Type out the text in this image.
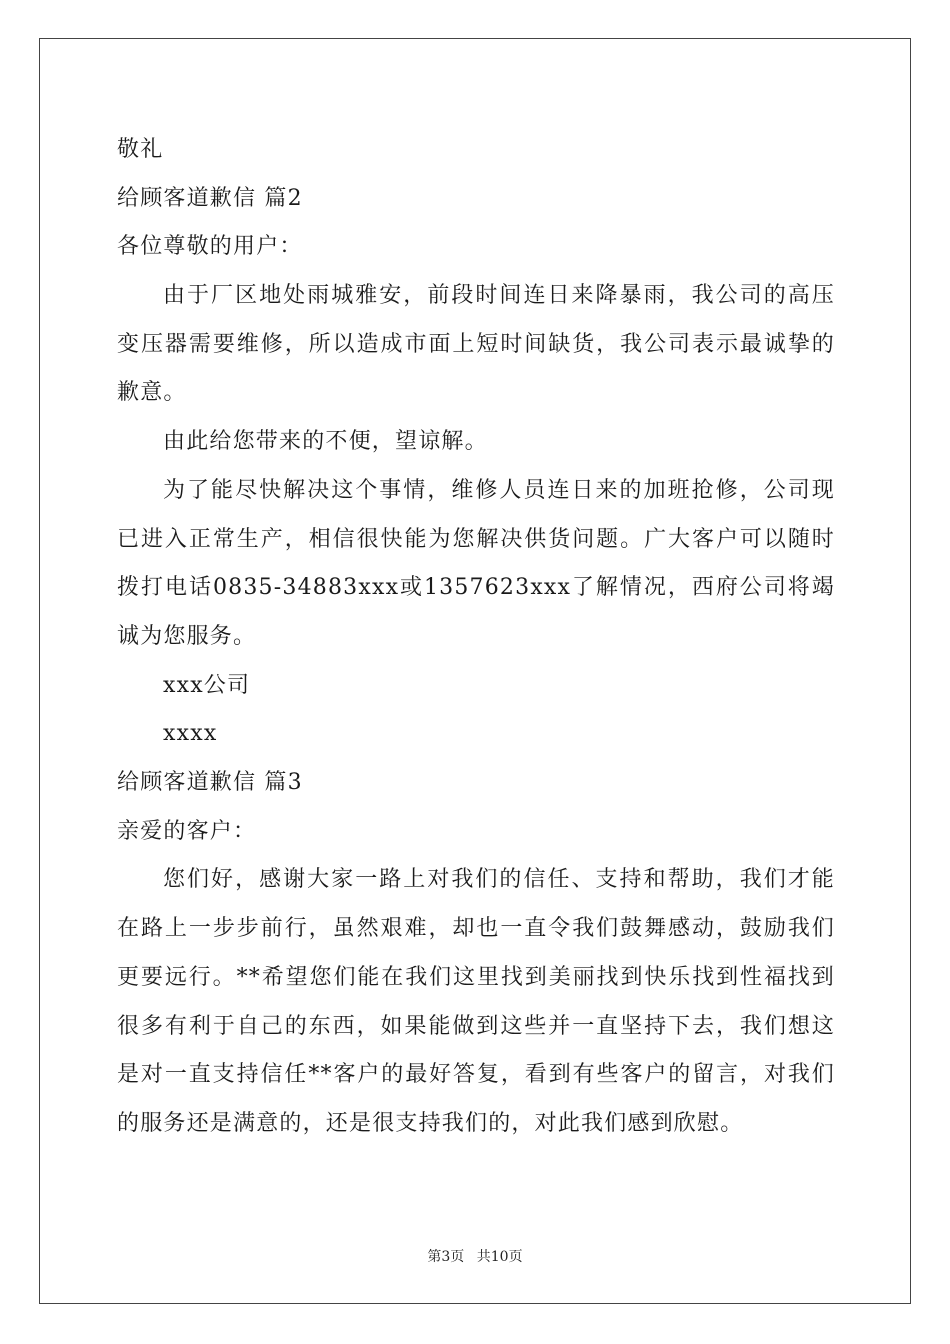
敬礼
给顾客道歉信 篇2
各位尊敬的用户：
由于厂区地处雨城雅安，前段时间连日来降暴雨，我公司的高压变压器需要维修，所以造成市面上短时间缺货，我公司表示最诚挚的歉意。
由此给您带来的不便，望谅解。
为了能尽快解决这个事情，维修人员连日来的加班抢修，公司现已进入正常生产，相信很快能为您解决供货问题。广大客户可以随时拨打电话0835-34883xxx或1357623xxx了解情况，西府公司将竭诚为您服务。
xxx公司
xxxx
给顾客道歉信 篇3
亲爱的客户：
您们好，感谢大家一路上对我们的信任、支持和帮助，我们才能在路上一步步前行，虽然艰难，却也一直令我们鼓舞感动，鼓励我们更要远行。**希望您们能在我们这里找到美丽找到快乐找到性福找到很多有利于自己的东西，如果能做到这些并一直坚持下去，我们想这是对一直支持信任**客户的最好答复，看到有些客户的留言，对我们的服务还是满意的，还是很支持我们的，对此我们感到欣慰。
第3页 共10页
